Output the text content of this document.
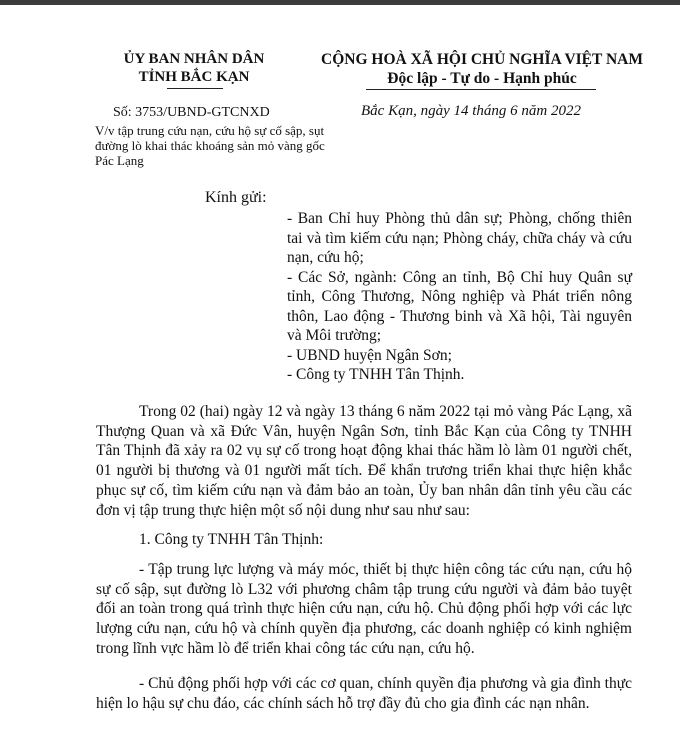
ỦY BAN NHÂN DÂN
TỈNH BẮC KẠN
CỘNG HOÀ XÃ HỘI CHỦ NGHĨA VIỆT NAM
Độc lập - Tự do - Hạnh phúc
Số: 3753/UBND-GTCNXD	Bắc Kạn, ngày 14 tháng 6 năm 2022
V/v tập trung cứu nạn, cứu hộ sự cố sập, sụt đường lò khai thác khoáng sản mỏ vàng gốc Pác Lạng
Kính gửi:
- Ban Chỉ huy Phòng thủ dân sự; Phòng, chống thiên tai và tìm kiếm cứu nạn; Phòng cháy, chữa cháy và cứu nạn, cứu hộ;
- Các Sở, ngành: Công an tỉnh, Bộ Chỉ huy Quân sự tỉnh, Công Thương, Nông nghiệp và Phát triển nông thôn, Lao động - Thương binh và Xã hội, Tài nguyên và Môi trường;
- UBND huyện Ngân Sơn;
- Công ty TNHH Tân Thịnh.

Trong 02 (hai) ngày 12 và ngày 13 tháng 6 năm 2022 tại mỏ vàng Pác Lạng, xã Thượng Quan và xã Đức Vân, huyện Ngân Sơn, tỉnh Bắc Kạn của Công ty TNHH Tân Thịnh đã xảy ra 02 vụ sự cố trong hoạt động khai thác hầm lò làm 01 người chết, 01 người bị thương và 01 người mất tích. Để khẩn trương triển khai thực hiện khắc phục sự cố, tìm kiếm cứu nạn và đảm bảo an toàn, Ủy ban nhân dân tỉnh yêu cầu các đơn vị tập trung thực hiện một số nội dung như sau như sau:

1. Công ty TNHH Tân Thịnh:

- Tập trung lực lượng và máy móc, thiết bị thực hiện công tác cứu nạn, cứu hộ sự cố sập, sụt đường lò L32 với phương châm tập trung cứu người và đảm bảo tuyệt đối an toàn trong quá trình thực hiện cứu nạn, cứu hộ. Chủ động phối hợp với các lực lượng cứu nạn, cứu hộ và chính quyền địa phương, các doanh nghiệp có kinh nghiệm trong lĩnh vực hầm lò để triển khai công tác cứu nạn, cứu hộ.

- Chủ động phối hợp với các cơ quan, chính quyền địa phương và gia đình thực hiện lo hậu sự chu đáo, các chính sách hỗ trợ đầy đủ cho gia đình các nạn nhân.
